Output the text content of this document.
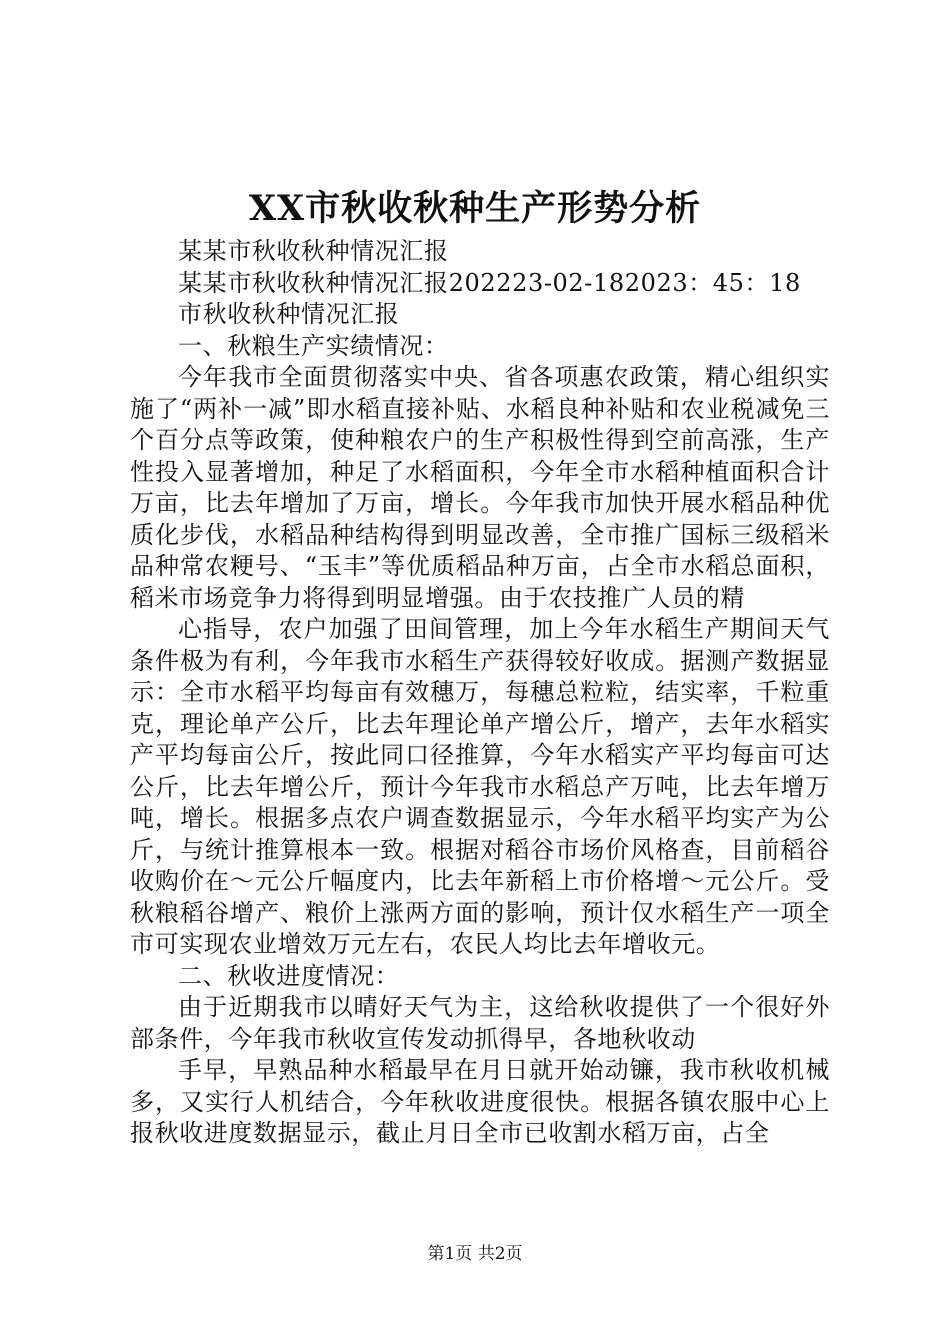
XX市秋收秋种生产形势分析

某某市秋收秋种情况汇报

某某市秋收秋种情况汇报202223-02-182023：45：18

市秋收秋种情况汇报

一、秋粮生产实绩情况：

今年我市全面贯彻落实中央、省各项惠农政策，精心组织实施了“两补一减”即水稻直接补贴、水稻良种补贴和农业税减免三个百分点等政策，使种粮农户的生产积极性得到空前高涨，生产性投入显著增加，种足了水稻面积，今年全市水稻种植面积合计万亩，比去年增加了万亩，增长。今年我市加快开展水稻品种优质化步伐，水稻品种结构得到明显改善，全市推广国标三级稻米品种常农粳号、“玉丰”等优质稻品种万亩，占全市水稻总面积，稻米市场竞争力将得到明显增强。由于农技推广人员的精

心指导，农户加强了田间管理，加上今年水稻生产期间天气条件极为有利，今年我市水稻生产获得较好收成。据测产数据显示：全市水稻平均每亩有效穗万，每穗总粒粒，结实率，千粒重克，理论单产公斤，比去年理论单产增公斤，增产，去年水稻实产平均每亩公斤，按此同口径推算，今年水稻实产平均每亩可达公斤，比去年增公斤，预计今年我市水稻总产万吨，比去年增万吨，增长。根据多点农户调查数据显示，今年水稻平均实产为公斤，与统计推算根本一致。根据对稻谷市场价风格查，目前稻谷收购价在～元公斤幅度内，比去年新稻上市价格增～元公斤。受秋粮稻谷增产、粮价上涨两方面的影响，预计仅水稻生产一项全市可实现农业增效万元左右，农民人均比去年增收元。

二、秋收进度情况：

由于近期我市以晴好天气为主，这给秋收提供了一个很好外部条件，今年我市秋收宣传发动抓得早，各地秋收动

手早，早熟品种水稻最早在月日就开始动镰，我市秋收机械多，又实行人机结合，今年秋收进度很快。根据各镇农服中心上报秋收进度数据显示，截止月日全市已收割水稻万亩，占全

第1页 共2页
